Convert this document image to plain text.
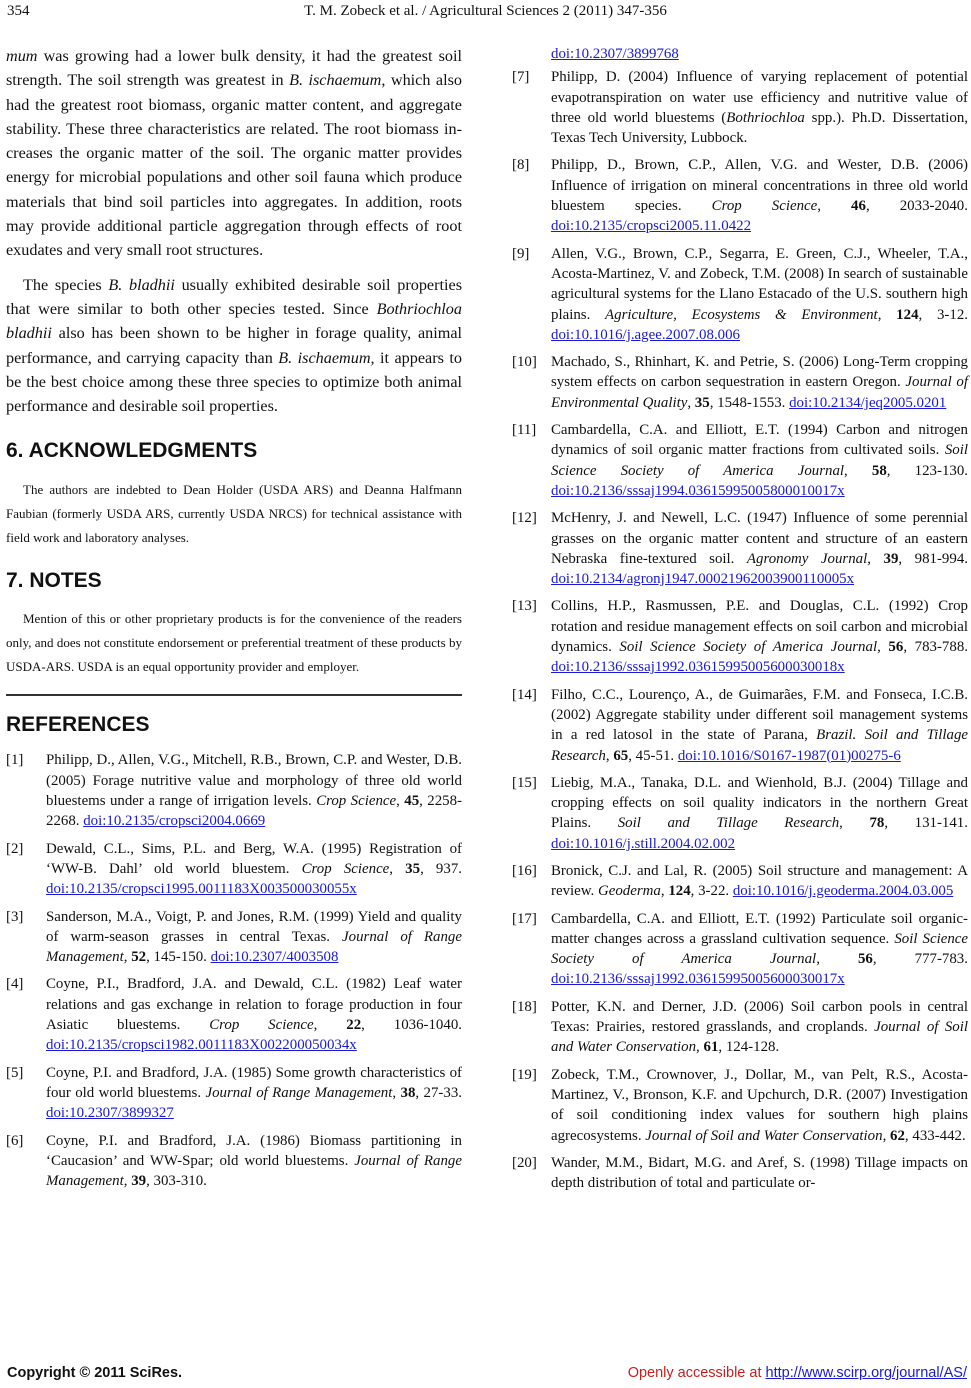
354	T. M. Zobeck et al. / Agricultural Sciences 2 (2011) 347-356

mum was growing had a lower bulk density, it had the greatest soil strength. The soil strength was greatest in B. ischaemum, which also had the greatest root biomass, organic matter content, and aggregate stability. These three characteristics are related. The root biomass increases the organic matter of the soil. The organic matter provides energy for microbial populations and other soil fauna which produce materials that bind soil particles into aggregates. In addition, roots may provide additional particle aggregation through effects of root exudates and very small root structures.

The species B. bladhii usually exhibited desirable soil properties that were similar to both other species tested. Since Bothriochloa bladhii also has been shown to be higher in forage quality, animal performance, and carrying capacity than B. ischaemum, it appears to be the best choice among these three species to optimize both animal performance and desirable soil properties.

6. ACKNOWLEDGMENTS

The authors are indebted to Dean Holder (USDA ARS) and Deanna Halfmann Faubian (formerly USDA ARS, currently USDA NRCS) for technical assistance with field work and laboratory analyses.

7. NOTES

Mention of this or other proprietary products is for the convenience of the readers only, and does not constitute endorsement or preferential treatment of these products by USDA-ARS. USDA is an equal opportunity provider and employer.

REFERENCES

[1] Philipp, D., Allen, V.G., Mitchell, R.B., Brown, C.P. and Wester, D.B. (2005) Forage nutritive value and morphology of three old world bluestems under a range of irrigation levels. Crop Science, 45, 2258-2268. doi:10.2135/cropsci2004.0669

[2] Dewald, C.L., Sims, P.L. and Berg, W.A. (1995) Registration of ‘WW-B. Dahl’ old world bluestem. Crop Science, 35, 937. doi:10.2135/cropsci1995.0011183X003500030055x

[3] Sanderson, M.A., Voigt, P. and Jones, R.M. (1999) Yield and quality of warm-season grasses in central Texas. Journal of Range Management, 52, 145-150. doi:10.2307/4003508

[4] Coyne, P.I., Bradford, J.A. and Dewald, C.L. (1982) Leaf water relations and gas exchange in relation to forage production in four Asiatic bluestems. Crop Science, 22, 1036-1040. doi:10.2135/cropsci1982.0011183X002200050034x

[5] Coyne, P.I. and Bradford, J.A. (1985) Some growth characteristics of four old world bluestems. Journal of Range Management, 38, 27-33. doi:10.2307/3899327

[6] Coyne, P.I. and Bradford, J.A. (1986) Biomass partitioning in ‘Caucasion’ and WW-Spar; old world bluestems. Journal of Range Management, 39, 303-310.

doi:10.2307/3899768

[7] Philipp, D. (2004) Influence of varying replacement of potential evapotranspiration on water use efficiency and nutritive value of three old world bluestems (Bothriochloa spp.). Ph.D. Dissertation, Texas Tech University, Lubbock.

[8] Philipp, D., Brown, C.P., Allen, V.G. and Wester, D.B. (2006) Influence of irrigation on mineral concentrations in three old world bluestem species. Crop Science, 46, 2033-2040. doi:10.2135/cropsci2005.11.0422

[9] Allen, V.G., Brown, C.P., Segarra, E. Green, C.J., Wheeler, T.A., Acosta-Martinez, V. and Zobeck, T.M. (2008) In search of sustainable agricultural systems for the Llano Estacado of the U.S. southern high plains. Agriculture, Ecosystems & Environment, 124, 3-12. doi:10.1016/j.agee.2007.08.006

[10] Machado, S., Rhinhart, K. and Petrie, S. (2006) Long-Term cropping system effects on carbon sequestration in eastern Oregon. Journal of Environmental Quality, 35, 1548-1553. doi:10.2134/jeq2005.0201

[11] Cambardella, C.A. and Elliott, E.T. (1994) Carbon and nitrogen dynamics of soil organic matter fractions from cultivated soils. Soil Science Society of America Journal, 58, 123-130. doi:10.2136/sssaj1994.03615995005800010017x

[12] McHenry, J. and Newell, L.C. (1947) Influence of some perennial grasses on the organic matter content and structure of an eastern Nebraska fine-textured soil. Agronomy Journal, 39, 981-994. doi:10.2134/agronj1947.00021962003900110005x

[13] Collins, H.P., Rasmussen, P.E. and Douglas, C.L. (1992) Crop rotation and residue management effects on soil carbon and microbial dynamics. Soil Science Society of America Journal, 56, 783-788. doi:10.2136/sssaj1992.03615995005600030018x

[14] Filho, C.C., Lourenço, A., de Guimarães, F.M. and Fonseca, I.C.B. (2002) Aggregate stability under different soil management systems in a red latosol in the state of Parana, Brazil. Soil and Tillage Research, 65, 45-51. doi:10.1016/S0167-1987(01)00275-6

[15] Liebig, M.A., Tanaka, D.L. and Wienhold, B.J. (2004) Tillage and cropping effects on soil quality indicators in the northern Great Plains. Soil and Tillage Research, 78, 131-141. doi:10.1016/j.still.2004.02.002

[16] Bronick, C.J. and Lal, R. (2005) Soil structure and management: A review. Geoderma, 124, 3-22. doi:10.1016/j.geoderma.2004.03.005

[17] Cambardella, C.A. and Elliott, E.T. (1992) Particulate soil organic-matter changes across a grassland cultivation sequence. Soil Science Society of America Journal, 56, 777-783. doi:10.2136/sssaj1992.03615995005600030017x

[18] Potter, K.N. and Derner, J.D. (2006) Soil carbon pools in central Texas: Prairies, restored grasslands, and croplands. Journal of Soil and Water Conservation, 61, 124-128.

[19] Zobeck, T.M., Crownover, J., Dollar, M., van Pelt, R.S., Acosta-Martinez, V., Bronson, K.F. and Upchurch, D.R. (2007) Investigation of soil conditioning index values for southern high plains agrecosystems. Journal of Soil and Water Conservation, 62, 433-442.

[20] Wander, M.M., Bidart, M.G. and Aref, S. (1998) Tillage impacts on depth distribution of total and particulate or-

Copyright © 2011 SciRes.	Openly accessible at http://www.scirp.org/journal/AS/
